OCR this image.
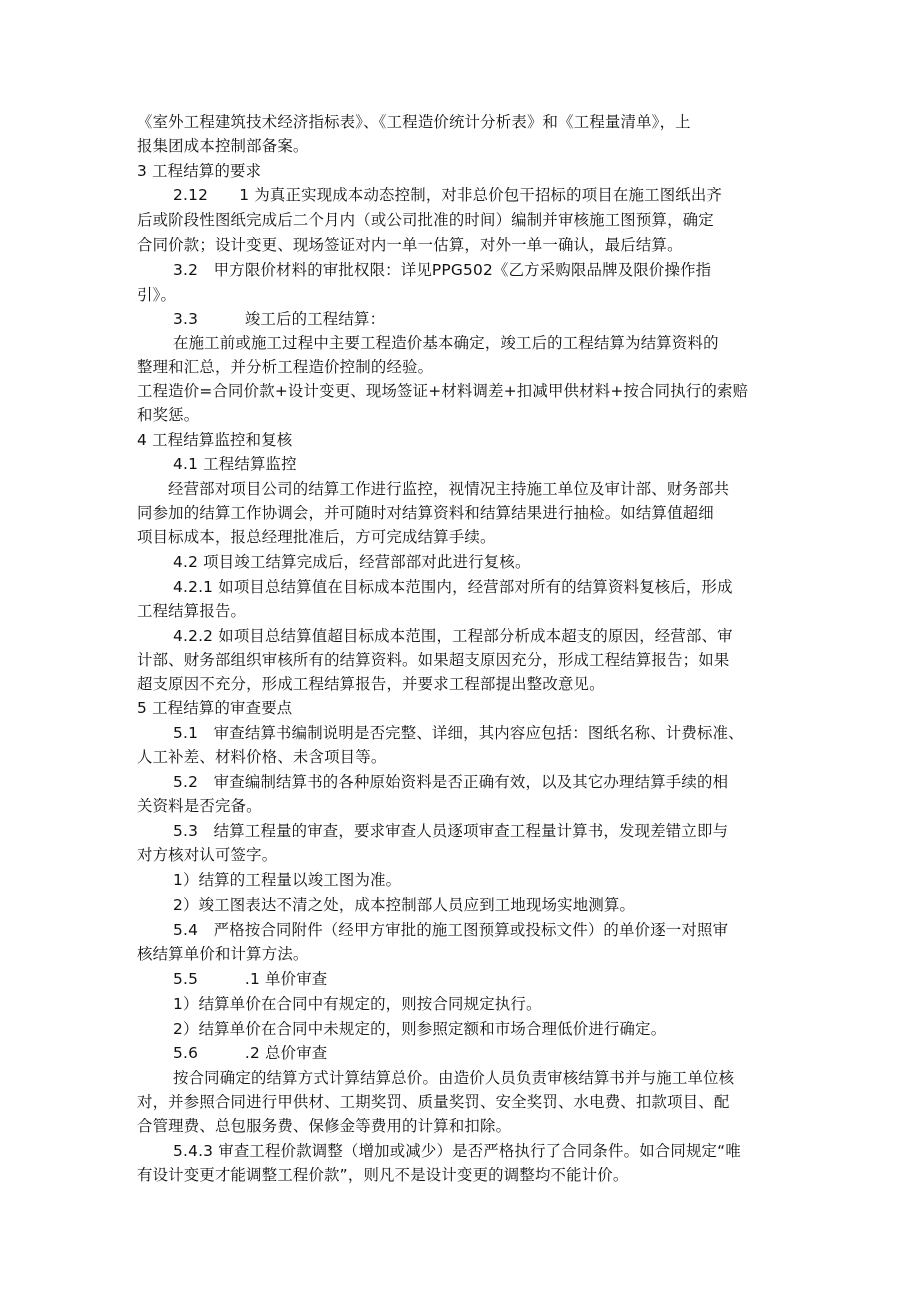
《室外工程建筑技术经济指标表》、《工程造价统计分析表》和《工程量清单》，上
报集团成本控制部备案。
3 工程结算的要求
2.12　　1 为真正实现成本动态控制，对非总价包干招标的项目在施工图纸出齐
后或阶段性图纸完成后二个月内（或公司批准的时间）编制并审核施工图预算，确定
合同价款；设计变更、现场签证对内一单一估算，对外一单一确认，最后结算。
3.2　甲方限价材料的审批权限：详见PPG502《乙方采购限品牌及限价操作指
引》。
3.3　　　竣工后的工程结算：
在施工前或施工过程中主要工程造价基本确定，竣工后的工程结算为结算资料的
整理和汇总，并分析工程造价控制的经验。
工程造价=合同价款+设计变更、现场签证+材料调差+扣减甲供材料+按合同执行的索赔
和奖惩。
4 工程结算监控和复核
4.1 工程结算监控
经营部对项目公司的结算工作进行监控，视情况主持施工单位及审计部、财务部共
同参加的结算工作协调会，并可随时对结算资料和结算结果进行抽检。如结算值超细
项目标成本，报总经理批准后，方可完成结算手续。
4.2 项目竣工结算完成后，经营部部对此进行复核。
4.2.1 如项目总结算值在目标成本范围内，经营部对所有的结算资料复核后，形成
工程结算报告。
4.2.2 如项目总结算值超目标成本范围，工程部分析成本超支的原因，经营部、审
计部、财务部组织审核所有的结算资料。如果超支原因充分，形成工程结算报告；如果
超支原因不充分，形成工程结算报告，并要求工程部提出整改意见。
5 工程结算的审查要点
5.1　审查结算书编制说明是否完整、详细，其内容应包括：图纸名称、计费标准、
人工补差、材料价格、未含项目等。
5.2　审查编制结算书的各种原始资料是否正确有效，以及其它办理结算手续的相
关资料是否完备。
5.3　结算工程量的审查，要求审查人员逐项审查工程量计算书，发现差错立即与
对方核对认可签字。
1）结算的工程量以竣工图为准。
2）竣工图表达不清之处，成本控制部人员应到工地现场实地测算。
5.4　严格按合同附件（经甲方审批的施工图预算或投标文件）的单价逐一对照审
核结算单价和计算方法。
5.5　　　.1 单价审查
1）结算单价在合同中有规定的，则按合同规定执行。
2）结算单价在合同中未规定的，则参照定额和市场合理低价进行确定。
5.6　　　.2 总价审查
按合同确定的结算方式计算结算总价。由造价人员负责审核结算书并与施工单位核
对，并参照合同进行甲供材、工期奖罚、质量奖罚、安全奖罚、水电费、扣款项目、配
合管理费、总包服务费、保修金等费用的计算和扣除。
5.4.3 审查工程价款调整（增加或减少）是否严格执行了合同条件。如合同规定“唯
有设计变更才能调整工程价款”，则凡不是设计变更的调整均不能计价。
